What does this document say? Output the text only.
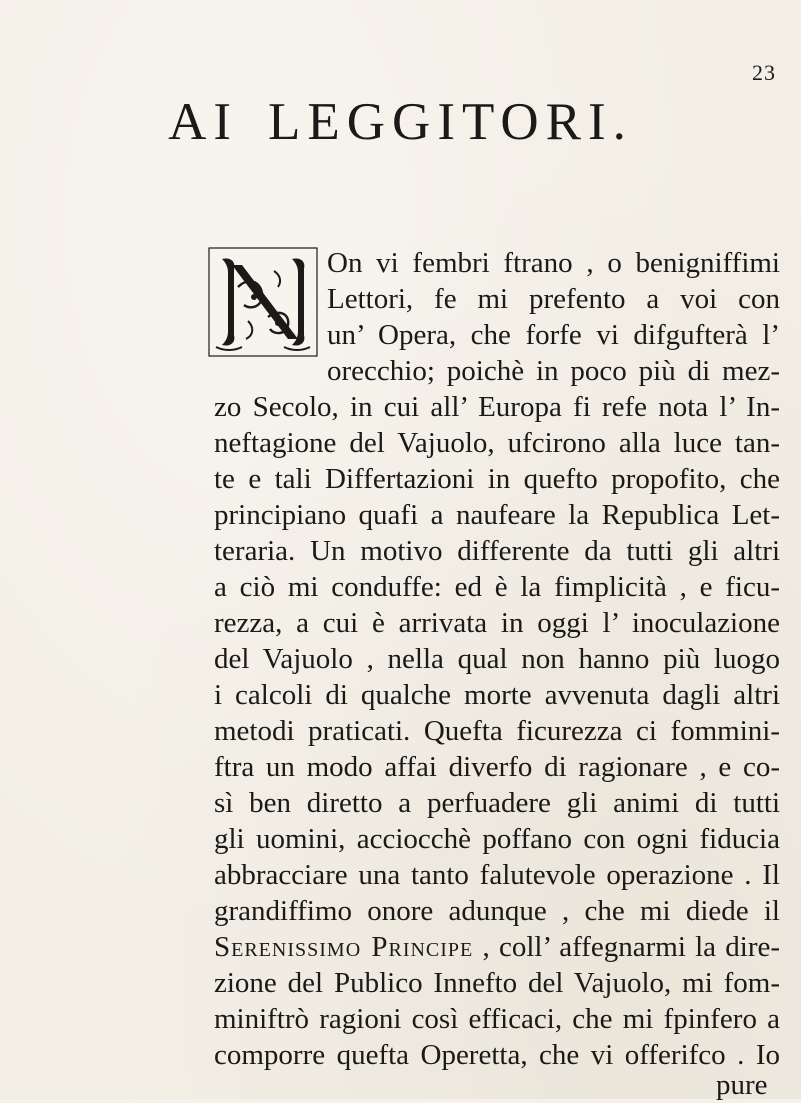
23
AI LEGGITORI.
On vi fembri ftrano , o benigniffimi
Lettori, fe mi prefento a voi con
un’ Opera, che forfe vi difgufterà l’
orecchio; poichè in poco più di mez-
zo Secolo, in cui all’ Europa fi refe nota l’ In-
neftagione del Vajuolo, ufcirono alla luce tan-
te e tali Differtazioni in quefto propofito, che
principiano quafi a naufeare la Republica Let-
teraria. Un motivo differente da tutti gli altri
a ciò mi conduffe: ed è la fimplicità , e ficu-
rezza, a cui è arrivata in oggi l’ inoculazione
del Vajuolo , nella qual non hanno più luogo
i calcoli di qualche morte avvenuta dagli altri
metodi praticati. Quefta ficurezza ci fommini-
ftra un modo affai diverfo di ragionare , e co-
sì ben diretto a perfuadere gli animi di tutti
gli uomini, acciocchè poffano con ogni fiducia
abbracciare una tanto falutevole operazione . Il
grandiffimo onore adunque , che mi diede il
Serenissimo Principe , coll’ affegnarmi la dire-
zione del Publico Innefto del Vajuolo, mi fom-
miniftrò ragioni così efficaci, che mi fpinfero a
comporre quefta Operetta, che vi offerifco . Io
pure
